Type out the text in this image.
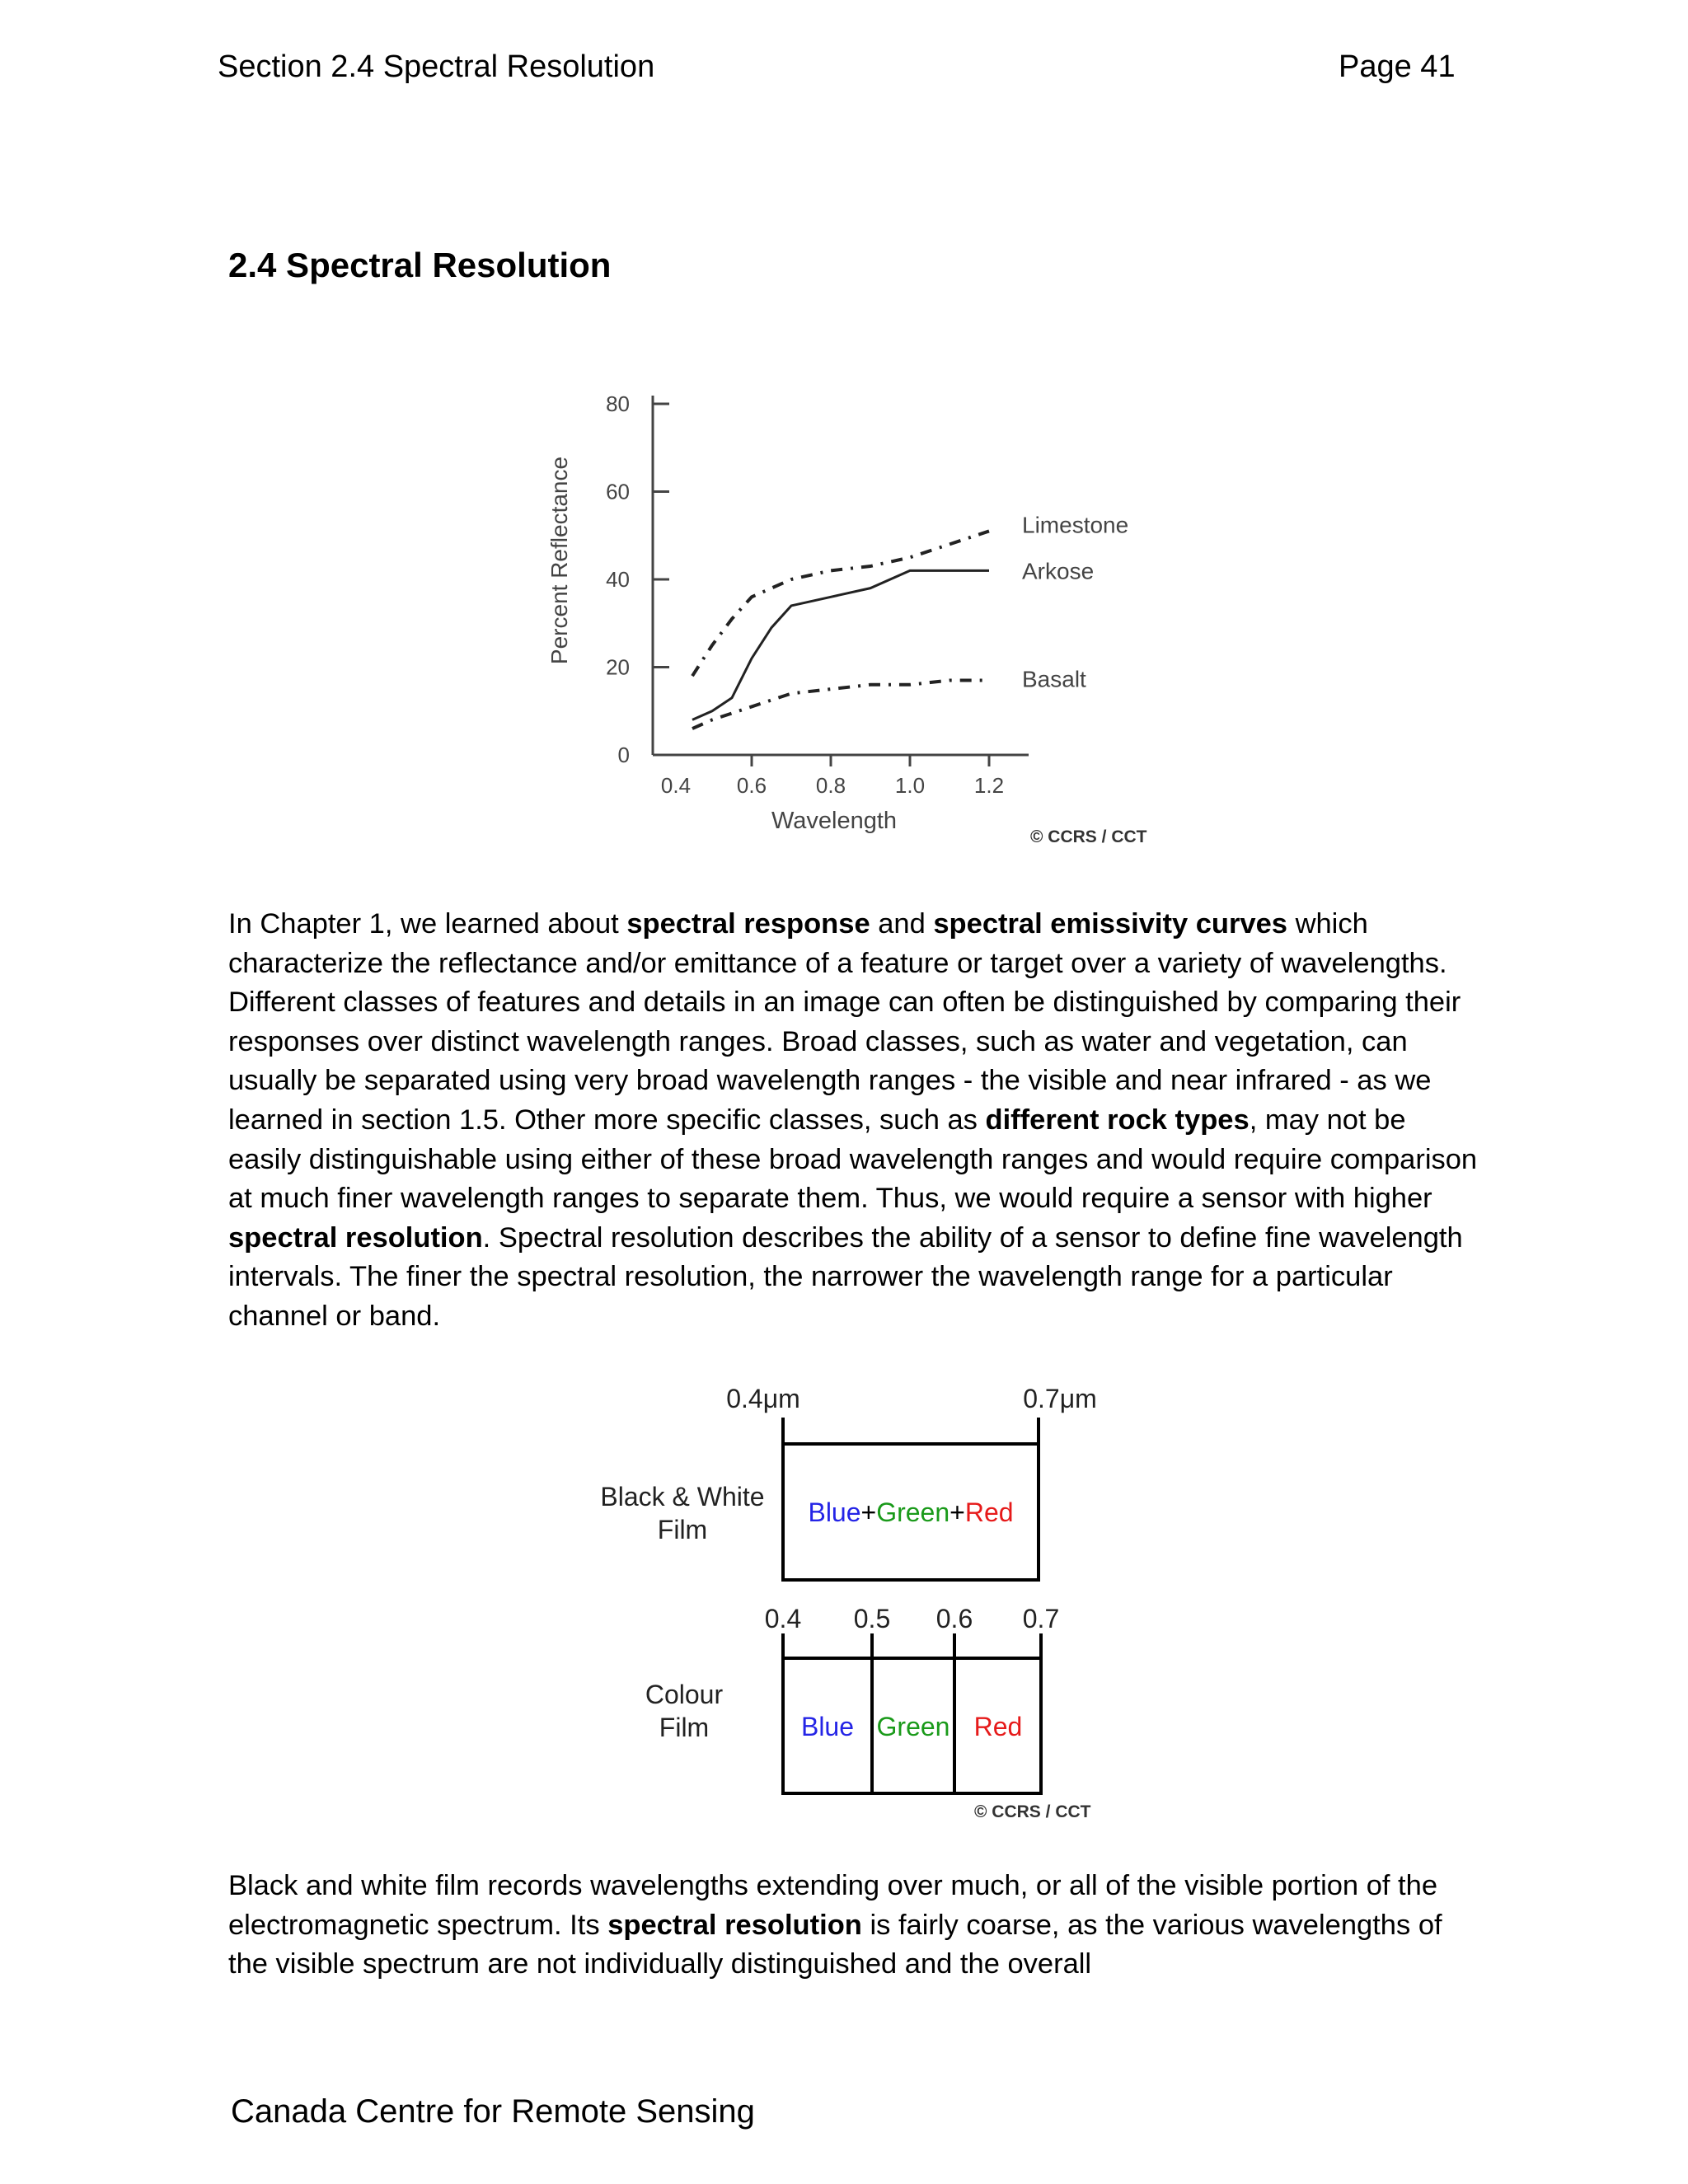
Section 2.4 Spectral Resolution	Page 41
2.4 Spectral Resolution
0
20
40
60
80
0.4 0.6 0.8 1.0 1.2
Limestone
Arkose
Basalt
Percent Reflectance
Wavelength
© CCRS / CCT
In Chapter 1, we learned about spectral response and spectral emissivity curves which characterize the reflectance and/or emittance of a feature or target over a variety of wavelengths. Different classes of features and details in an image can often be distinguished by comparing their responses over distinct wavelength ranges. Broad classes, such as water and vegetation, can usually be separated using very broad wavelength ranges - the visible and near infrared - as we learned in section 1.5. Other more specific classes, such as different rock types, may not be easily distinguishable using either of these broad wavelength ranges and would require comparison at much finer wavelength ranges to separate them. Thus, we would require a sensor with higher spectral resolution. Spectral resolution describes the ability of a sensor to define fine wavelength intervals. The finer the spectral resolution, the narrower the wavelength range for a particular channel or band.
0.4μm	0.7μm
Black & White
Film
Blue+Green+Red
0.4 0.5 0.6 0.7
Colour
Film	Blue Green Red
© CCRS / CCT
Black and white film records wavelengths extending over much, or all of the visible portion of the electromagnetic spectrum. Its spectral resolution is fairly coarse, as the various wavelengths of the visible spectrum are not individually distinguished and the overall
Canada Centre for Remote Sensing
